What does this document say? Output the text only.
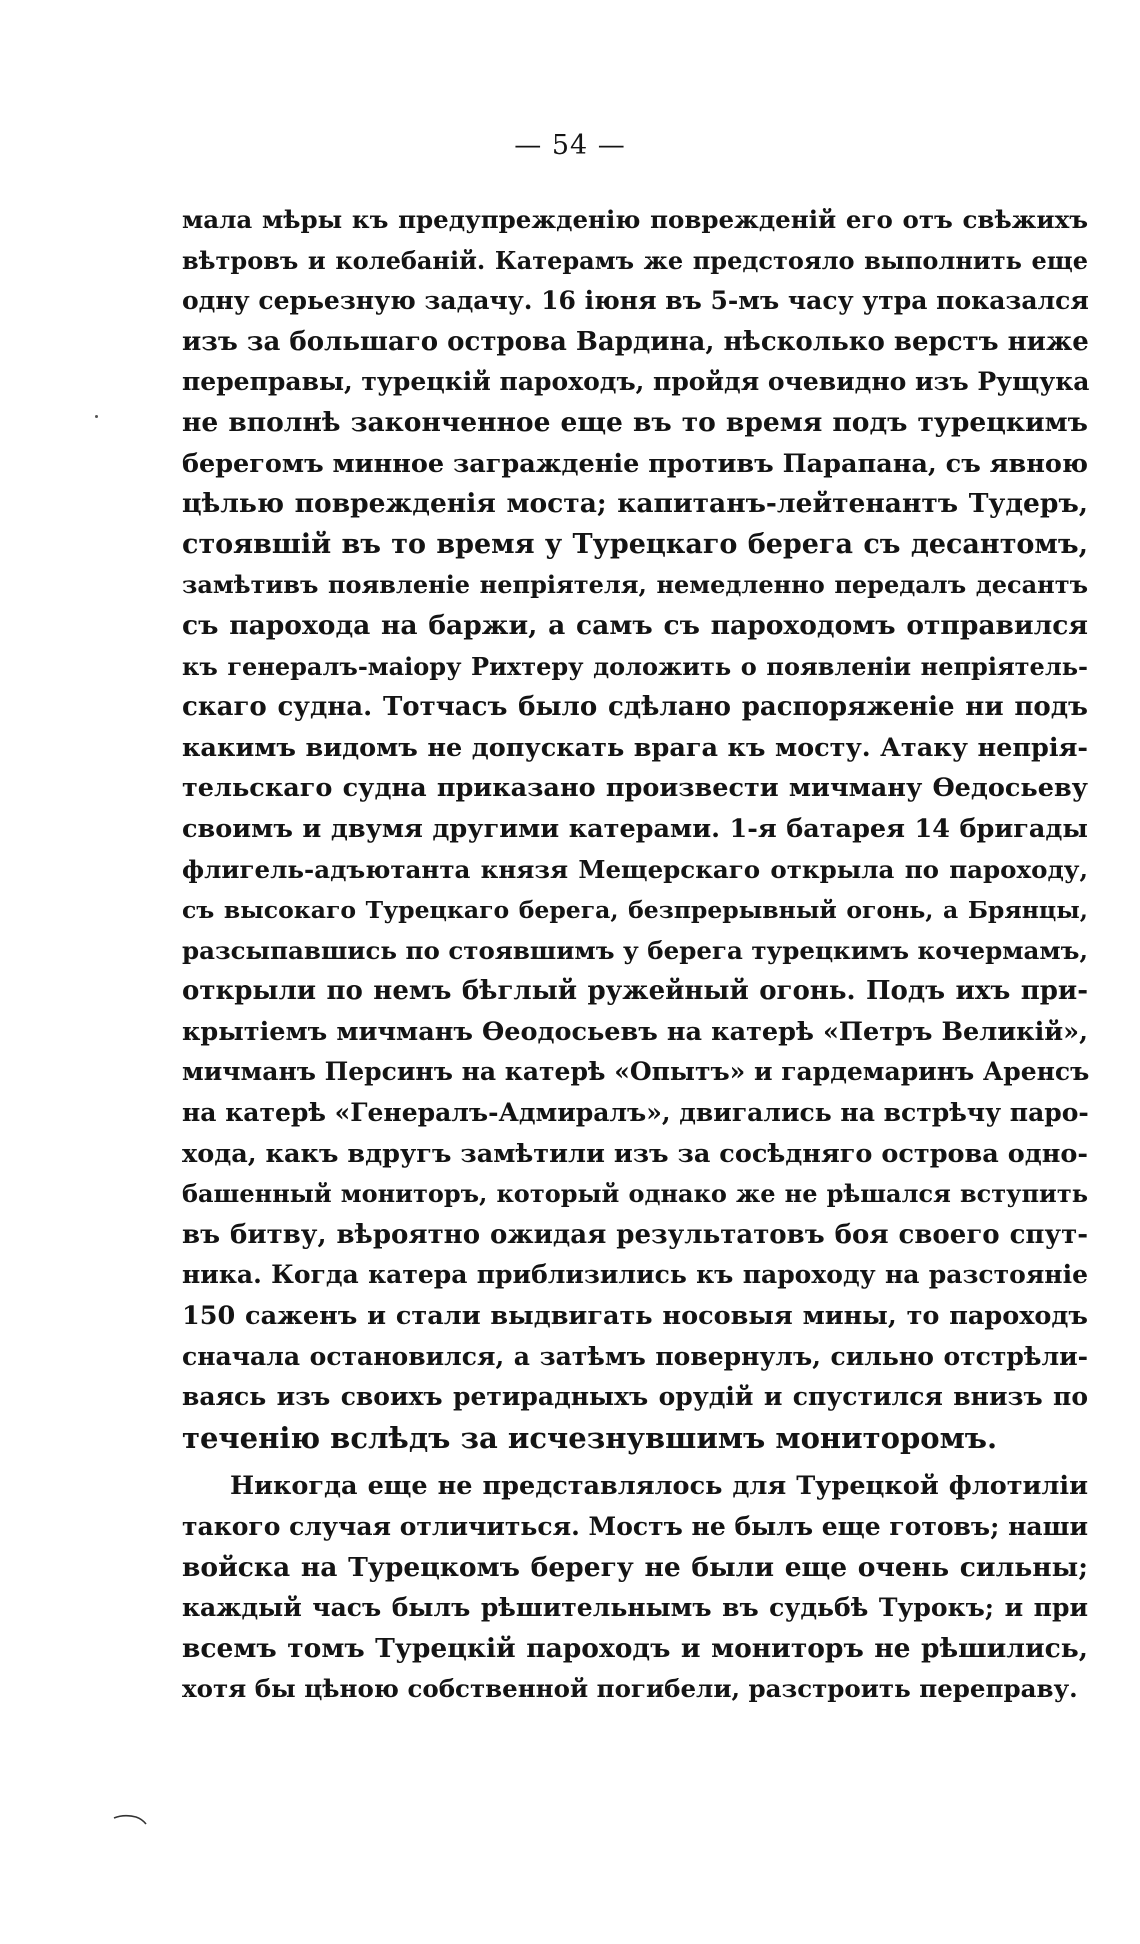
— 54 —
мала мѣры къ предупрежденію поврежденій его отъ свѣжихъ
вѣтровъ и колебаній. Катерамъ же предстояло выполнить еще
одну серьезную задачу. 16 іюня въ 5-мъ часу утра показался
изъ за большаго острова Вардина, нѣсколько верстъ ниже
переправы, турецкій пароходъ, пройдя очевидно изъ Рущука
не вполнѣ законченное еще въ то время подъ турецкимъ
берегомъ минное загражденіе противъ Парапана, съ явною
цѣлью поврежденія моста; капитанъ-лейтенантъ Тудеръ,
стоявшій въ то время у Турецкаго берега съ десантомъ,
замѣтивъ появленіе непріятеля, немедленно передалъ десантъ
съ парохода на баржи, а самъ съ пароходомъ отправился
къ генералъ-маіору Рихтеру доложить о появленіи непріятель-
скаго судна. Тотчасъ было сдѣлано распоряженіе ни подъ
какимъ видомъ не допускать врага къ мосту. Атаку непрія-
тельскаго судна приказано произвести мичману Ѳедосьеву
своимъ и двумя другими катерами. 1-я батарея 14 бригады
флигель-адъютанта князя Мещерскаго открыла по пароходу,
съ высокаго Турецкаго берега, безпрерывный огонь, а Брянцы,
разсыпавшись по стоявшимъ у берега турецкимъ кочермамъ,
открыли по немъ бѣглый ружейный огонь. Подъ ихъ при-
крытіемъ мичманъ Ѳеодосьевъ на катерѣ «Петръ Великій»,
мичманъ Персинъ на катерѣ «Опытъ» и гардемаринъ Аренсъ
на катерѣ «Генералъ-Адмиралъ», двигались на встрѣчу паро-
хода, какъ вдругъ замѣтили изъ за сосѣдняго острова одно-
башенный мониторъ, который однако же не рѣшался вступить
въ битву, вѣроятно ожидая результатовъ боя своего спут-
ника. Когда катера приблизились къ пароходу на разстояніе
150 саженъ и стали выдвигать носовыя мины, то пароходъ
сначала остановился, а затѣмъ повернулъ, сильно отстрѣли-
ваясь изъ своихъ ретирадныхъ орудій и спустился внизъ по
теченію вслѣдъ за исчезнувшимъ мониторомъ.
Никогда еще не представлялось для Турецкой флотиліи
такого случая отличиться. Мостъ не былъ еще готовъ; наши
войска на Турецкомъ берегу не были еще очень сильны;
каждый часъ былъ рѣшительнымъ въ судьбѣ Турокъ; и при
всемъ томъ Турецкій пароходъ и мониторъ не рѣшились,
хотя бы цѣною собственной погибели, разстроить переправу.
